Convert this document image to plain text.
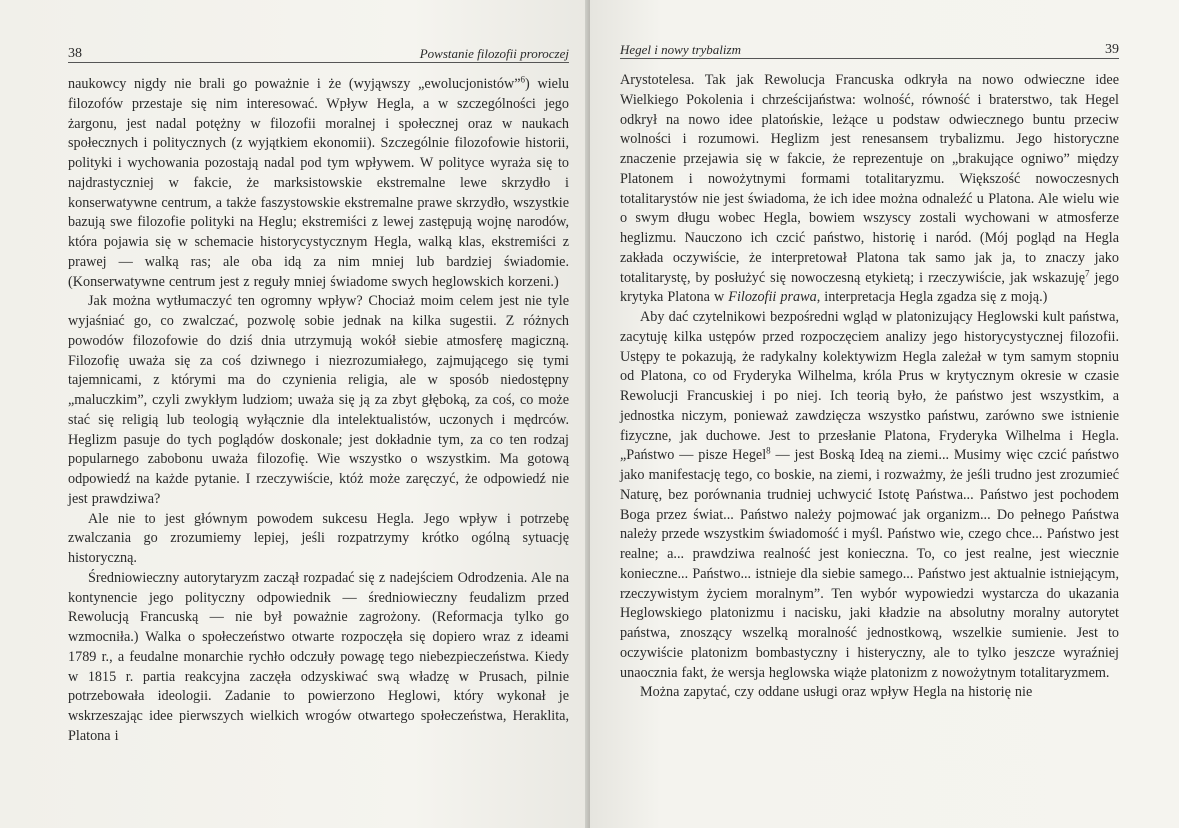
38	Powstanie filozofii proroczej

naukowcy nigdy nie brali go poważnie i że (wyjąwszy „ewolucjonistów”$^6$) wielu filozofów przestaje się nim interesować. Wpływ Hegla, a w szczególności jego żargonu, jest nadal potężny w filozofii moralnej i społecznej oraz w naukach społecznych i politycznych (z wyjątkiem ekonomii). Szczególnie filozofowie historii, polityki i wychowania pozostają nadal pod tym wpływem. W polityce wyraża się to najdrastyczniej w fakcie, że marksistowskie ekstremalne lewe skrzydło i konserwatywne centrum, a także faszystowskie ekstremalne prawe skrzydło, wszystkie bazują swe filozofie polityki na Heglu; ekstremiści z lewej zastępują wojnę narodów, która pojawia się w schemacie historycystycznym Hegla, walką klas, ekstremiści z prawej — walką ras; ale oba idą za nim mniej lub bardziej świadomie. (Konserwatywne centrum jest z reguły mniej świadome swych heglowskich korzeni.)

Jak można wytłumaczyć ten ogromny wpływ? Chociaż moim celem jest nie tyle wyjaśniać go, co zwalczać, pozwolę sobie jednak na kilka sugestii. Z różnych powodów filozofowie do dziś dnia utrzymują wokół siebie atmosferę magiczną. Filozofię uważa się za coś dziwnego i niezrozumiałego, zajmującego się tymi tajemnicami, z którymi ma do czynienia religia, ale w sposób niedostępny „maluczkim”, czyli zwykłym ludziom; uważa się ją za zbyt głęboką, za coś, co może stać się religią lub teologią wyłącznie dla intelektualistów, uczonych i mędrców. Heglizm pasuje do tych poglądów doskonale; jest dokładnie tym, za co ten rodzaj popularnego zabobonu uważa filozofię. Wie wszystko o wszystkim. Ma gotową odpowiedź na każde pytanie. I rzeczywiście, któż może zaręczyć, że odpowiedź nie jest prawdziwa?

Ale nie to jest głównym powodem sukcesu Hegla. Jego wpływ i potrzebę zwalczania go zrozumiemy lepiej, jeśli rozpatrzymy krótko ogólną sytuację historyczną.

Średniowieczny autorytaryzm zaczął rozpadać się z nadejściem Odrodzenia. Ale na kontynencie jego polityczny odpowiednik — średniowieczny feudalizm przed Rewolucją Francuską — nie był poważnie zagrożony. (Reformacja tylko go wzmocniła.) Walka o społeczeństwo otwarte rozpoczęła się dopiero wraz z ideami 1789 r., a feudalne monarchie rychło odczuły powagę tego niebezpieczeństwa. Kiedy w 1815 r. partia reakcyjna zaczęła odzyskiwać swą władzę w Prusach, pilnie potrzebowała ideologii. Zadanie to powierzono Heglowi, który wykonał je wskrzeszając idee pierwszych wielkich wrogów otwartego społeczeństwa, Heraklita, Platona i

Hegel i nowy trybalizm	39

Arystotelesa. Tak jak Rewolucja Francuska odkryła na nowo odwieczne idee Wielkiego Pokolenia i chrześcijaństwa: wolność, równość i braterstwo, tak Hegel odkrył na nowo idee platońskie, leżące u podstaw odwiecznego buntu przeciw wolności i rozumowi. Heglizm jest renesansem trybalizmu. Jego historyczne znaczenie przejawia się w fakcie, że reprezentuje on „brakujące ogniwo” między Platonem i nowożytnymi formami totalitaryzmu. Większość nowoczesnych totalitarystów nie jest świadoma, że ich idee można odnaleźć u Platona. Ale wielu wie o swym długu wobec Hegla, bowiem wszyscy zostali wychowani w atmosferze heglizmu. Nauczono ich czcić państwo, historię i naród. (Mój pogląd na Hegla zakłada oczywiście, że interpretował Platona tak samo jak ja, to znaczy jako totalitarystę, by posłużyć się nowoczesną etykietą; i rzeczywiście, jak wskazuję$^7$ jego krytyka Platona w Filozofii prawa, interpretacja Hegla zgadza się z moją.)

Aby dać czytelnikowi bezpośredni wgląd w platonizujący Heglowski kult państwa, zacytuję kilka ustępów przed rozpoczęciem analizy jego historycystycznej filozofii. Ustępy te pokazują, że radykalny kolektywizm Hegla zależał w tym samym stopniu od Platona, co od Fryderyka Wilhelma, króla Prus w krytycznym okresie w czasie Rewolucji Francuskiej i po niej. Ich teorią było, że państwo jest wszystkim, a jednostka niczym, ponieważ zawdzięcza wszystko państwu, zarówno swe istnienie fizyczne, jak duchowe. Jest to przesłanie Platona, Fryderyka Wilhelma i Hegla. „Państwo — pisze Hegel$^8$ — jest Boską Ideą na ziemi... Musimy więc czcić państwo jako manifestację tego, co boskie, na ziemi, i rozważmy, że jeśli trudno jest zrozumieć Naturę, bez porównania trudniej uchwycić Istotę Państwa... Państwo jest pochodem Boga przez świat... Państwo należy pojmować jak organizm... Do pełnego Państwa należy przede wszystkim świadomość i myśl. Państwo wie, czego chce... Państwo jest realne; a... prawdziwa realność jest konieczna. To, co jest realne, jest wiecznie konieczne... Państwo... istnieje dla siebie samego... Państwo jest aktualnie istniejącym, rzeczywistym życiem moralnym”. Ten wybór wypowiedzi wystarcza do ukazania Heglowskiego platonizmu i nacisku, jaki kładzie na absolutny moralny autorytet państwa, znoszący wszelką moralność jednostkową, wszelkie sumienie. Jest to oczywiście platonizm bombastyczny i histeryczny, ale to tylko jeszcze wyraźniej unaocznia fakt, że wersja heglowska wiąże platonizm z nowożytnym totalitaryzmem.

Można zapytać, czy oddane usługi oraz wpływ Hegla na historię nie
